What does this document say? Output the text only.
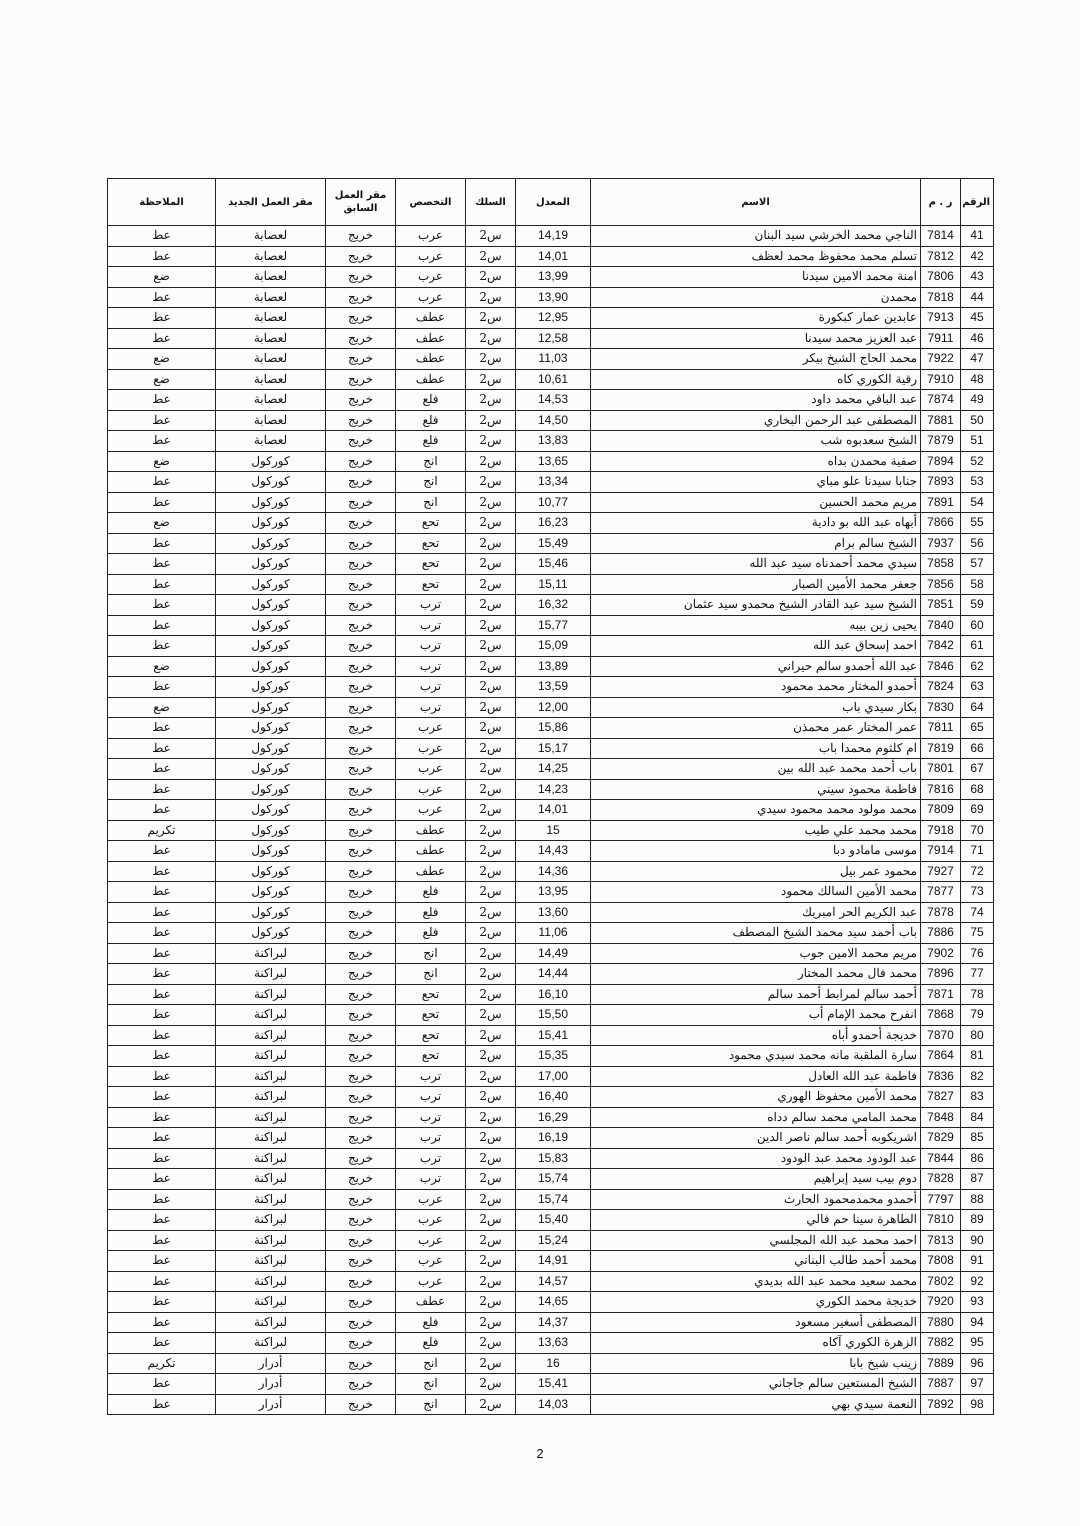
الرقم	ر . م	الاسم	المعدل	السلك	التخصص	مقر العمل السابق	مقر العمل الجديد	الملاحظة
41	7814	الناجي محمد الخرشي سيد البنان	14,19	س2	عرب	خريج	لعصابة	عط
42	7812	تسلم محمد محفوظ محمد لعظف	14,01	س2	عرب	خريج	لعصابة	عط
43	7806	امنة محمد الامين سيدنا	13,99	س2	عرب	خريج	لعصابة	ضع
44	7818	محمدن	13,90	س2	عرب	خريج	لعصابة	عط
45	7913	عابدين عمار كبكورة	12,95	س2	عطف	خريج	لعصابة	عط
46	7911	عبد العزيز محمد سيدنا	12,58	س2	عطف	خريج	لعصابة	عط
47	7922	محمد الحاج الشيخ بيكر	11,03	س2	عطف	خريج	لعصابة	ضع
48	7910	رقية الكوري كاه	10,61	س2	عطف	خريج	لعصابة	ضع
49	7874	عبد الباقي محمد داود	14,53	س2	فلع	خريج	لعصابة	عط
50	7881	المصطفى عبد الرحمن البخاري	14,50	س2	فلع	خريج	لعصابة	عط
51	7879	الشيخ سعدبوه شب	13,83	س2	فلع	خريج	لعصابة	عط
52	7894	صفية محمدن بداه	13,65	س2	انج	خريج	كوركول	ضع
53	7893	جنابا سيدنا علو مباي	13,34	س2	انج	خريج	كوركول	عط
54	7891	مريم محمد الحسين	10,77	س2	انج	خريج	كوركول	عط
55	7866	أبهاه عبد الله بو دادية	16,23	س2	تحع	خريج	كوركول	ضع
56	7937	الشيخ سالم برام	15,49	س2	تحع	خريج	كوركول	عط
57	7858	سيدي محمد أحمدناه سيد عبد الله	15,46	س2	تحع	خريج	كوركول	عط
58	7856	جعفر محمد الأمين الصبار	15,11	س2	تحع	خريج	كوركول	عط
59	7851	الشيخ سيد عبد القادر الشيخ محمدو سيد عثمان	16,32	س2	ترب	خريج	كوركول	عط
60	7840	يحيى زين بيبه	15,77	س2	ترب	خريج	كوركول	عط
61	7842	احمد إسحاق عبد الله	15,09	س2	ترب	خريج	كوركول	عط
62	7846	عبد الله أحمدو سالم حيراني	13,89	س2	ترب	خريج	كوركول	ضع
63	7824	أحمدو المختار محمد محمود	13,59	س2	ترب	خريج	كوركول	عط
64	7830	بكار سيدي باب	12,00	س2	ترب	خريج	كوركول	ضع
65	7811	عمر المختار عمر محمذن	15,86	س2	عرب	خريج	كوركول	عط
66	7819	ام كلثوم محمدا باب	15,17	س2	عرب	خريج	كوركول	عط
67	7801	باب أحمد محمد عبد الله بين	14,25	س2	عرب	خريج	كوركول	عط
68	7816	فاطمة محمود سيني	14,23	س2	عرب	خريج	كوركول	عط
69	7809	محمد مولود محمد محمود سيدي	14,01	س2	عرب	خريج	كوركول	عط
70	7918	محمد محمد علي طيب	15	س2	عطف	خريج	كوركول	تكريم
71	7914	موسى مامادو دبا	14,43	س2	عطف	خريج	كوركول	عط
72	7927	محمود عمر بيل	14,36	س2	عطف	خريج	كوركول	عط
73	7877	محمد الأمين السالك محمود	13,95	س2	فلع	خريج	كوركول	عط
74	7878	عبد الكريم الحر امبريك	13,60	س2	فلع	خريج	كوركول	عط
75	7886	باب أحمد سيد محمد الشيخ المصطف	11,06	س2	فلع	خريج	كوركول	عط
76	7902	مريم محمد الامين جوب	14,49	س2	انج	خريج	لبراكنة	عط
77	7896	محمد فال محمد المختار	14,44	س2	انج	خريج	لبراكنة	عط
78	7871	أحمد سالم لمرابط أحمد سالم	16,10	س2	تحع	خريج	لبراكنة	عط
79	7868	انفرح محمد الإمام أب	15,50	س2	تحع	خريج	لبراكنة	عط
80	7870	خديجة أحمدو أباه	15,41	س2	تحع	خريج	لبراكنة	عط
81	7864	سارة الملقبة مانه محمد سيدي محمود	15,35	س2	تحع	خريج	لبراكنة	عط
82	7836	فاطمة عبد الله العادل	17,00	س2	ترب	خريج	لبراكنة	عط
83	7827	محمد الأمين محفوظ الهوري	16,40	س2	ترب	خريج	لبراكنة	عط
84	7848	محمد المامي محمد سالم دداه	16,29	س2	ترب	خريج	لبراكنة	عط
85	7829	اشريكوبه أحمد سالم ناصر الدين	16,19	س2	ترب	خريج	لبراكنة	عط
86	7844	عبد الودود محمد عبد الودود	15,83	س2	ترب	خريج	لبراكنة	عط
87	7828	دوم بيب سيد إبراهيم	15,74	س2	ترب	خريج	لبراكنة	عط
88	7797	أحمدو محمدمحمود الحارث	15,74	س2	عرب	خريج	لبراكنة	عط
89	7810	الطاهرة سينا حم فالي	15,40	س2	عرب	خريج	لبراكنة	عط
90	7813	احمد محمد عبد الله المجلسي	15,24	س2	عرب	خريج	لبراكنة	عط
91	7808	محمد أحمد طالب البناني	14,91	س2	عرب	خريج	لبراكنة	عط
92	7802	محمد سعيد محمد عبد الله بديدي	14,57	س2	عرب	خريج	لبراكنة	عط
93	7920	خديجة محمد الكوري	14,65	س2	عطف	خريج	لبراكنة	عط
94	7880	المصطفى أسغير مسعود	14,37	س2	فلع	خريج	لبراكنة	عط
95	7882	الزهرة الكوري آكاه	13,63	س2	فلع	خريج	لبراكنة	عط
96	7889	زينب شيخ بابا	16	س2	انج	خريج	أدرار	تكريم
97	7887	الشيخ المستعين سالم جاجاني	15,41	س2	انج	خريج	أدرار	عط
98	7892	النعمة سيدي بهي	14,03	س2	انج	خريج	أدرار	عط
2
